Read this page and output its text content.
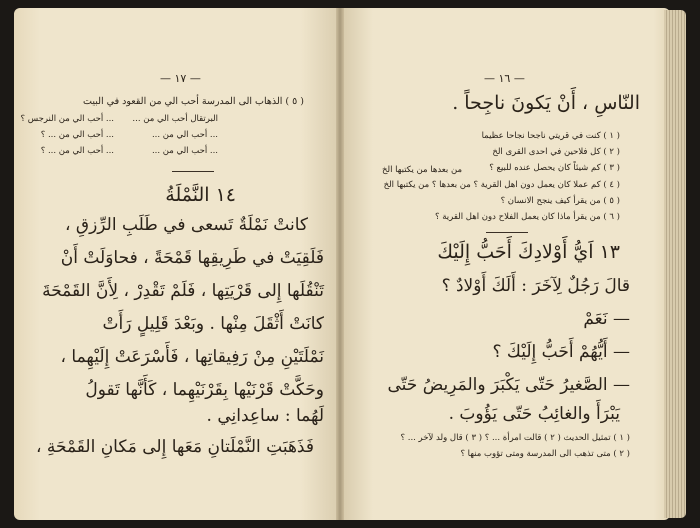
— ١٧ —
( ٥ ) الذهاب الى المدرسة أحب الي من القعود في البيت
البرتقال أحب الي من ...
... أحب الي من النرجس ؟
... أحب الي من ...
... أحب الي من ... ؟
... أحب الي من ...
... أحب الي من ... ؟
١٤ النَّمْلَةُ
كانتْ نَمْلَةٌ تَسعى في طَلَبِ الرِّزقِ ،
فَلَقِيَتْ في طَرِيقِها قَمْحَةً ، فحاوَلَتْ أَنْ
تَنْقُلَها إِلى قَرْيَتِها ، فَلَمْ تَقْدِرْ ، لِأَنَّ القَمْحَةَ
كانَتْ أَثْقَلَ مِنْها . وبَعْدَ قَلِيلٍ رَأَتْ
نَمْلَتَيْنِ مِنْ رَفِيقاتِها ، فَأَسْرَعَتْ إِلَيْهِما ،
وحَكَّتْ قَرْنَيْها بِقَرْنَيْهِما ، كَأَنَّها تَقولُ
لَهُما : ساعِدانِي .
فَذَهَبَتِ النَّمْلَتانِ مَعَها إِلى مَكانِ القَمْحَةِ ،
— ١٦ —
النّاسِ ، أَنْ يَكونَ ناجِحاً .
( ١ ) كنت في قريتي ناجحا نجاحا عظيما
( ٢ ) كل فلاحين في احدى القرى الخ
( ٣ ) كم شيئاً كان يحصل عنده للبيع ؟
من بعدها من يكتبها الخ
( ٤ ) كم عملا كان يعمل دون اهل القرية ؟ من بعدها ؟ من يكتبها الخ
( ٥ ) من يقرأ كيف ينجح الانسان ؟
( ٦ ) من يقرأ ماذا كان يعمل الفلاح دون اهل القرية ؟
١٣ اَيُّ أَوْلادِكَ أَحَبُّ إِلَيْكَ
قالَ رَجُلٌ لِآخَرَ : أَلَكَ أَوْلادٌ ؟
— نَعَمْ
— أَيُّهُمْ أَحَبُّ إِلَيْكَ ؟
— الصَّغيرُ حَتّى يَكْبَرَ والمَرِيضُ حَتّى
يَبْرَأَ والغائِبُ حَتّى يَؤُوبَ .
( ١ ) تمثيل الحديث ( ٢ ) قالت امرأة ... ؟ ( ٣ ) قال ولد لآخر ... ؟
( ٢ ) متى تذهب الى المدرسة ومتى تؤوب منها ؟
